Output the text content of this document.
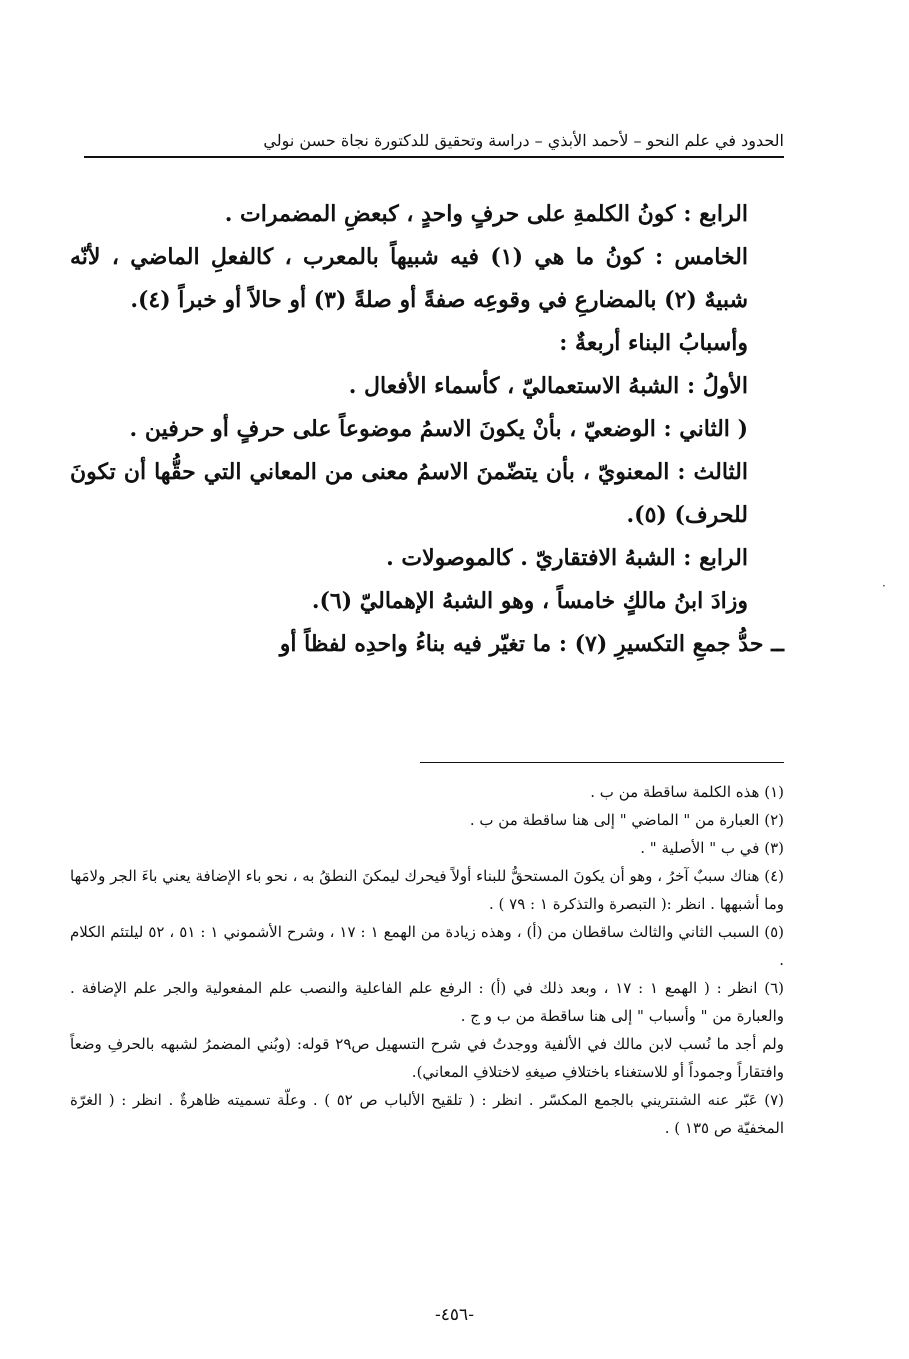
الحدود في علم النحو – لأحمد الأبذي – دراسة وتحقيق للدكتورة نجاة حسن نولي

الرابع : كونُ الكلمةِ على حرفٍ واحدٍ ، كبعضِ المضمرات .

الخامس : كونُ ما هي (١) فيه شبيهاً بالمعرب ، كالفعلِ الماضي ، لأنّه شبيهٌ (٢) بالمضارعِ في وقوعِه صفةً أو صلةً (٣) أو حالاً أو خبراً (٤).

وأسبابُ البناء أربعةٌ :

الأولُ : الشبهُ الاستعماليّ ، كأسماء الأفعال .

( الثاني : الوضعيّ ، بأنْ يكونَ الاسمُ موضوعاً على حرفٍ أو حرفين .

الثالث : المعنويّ ، بأن يتضّمنَ الاسمُ معنى من المعاني التي حقُّها أن تكونَ للحرف) (٥).

الرابع : الشبهُ الافتقاريّ . كالموصولات .

وزادَ ابنُ مالكٍ خامساً ، وهو الشبهُ الإهماليّ (٦).

ــ حدُّ جمعِ التكسيرِ (٧) : ما تغيّر فيه بناءُ واحدِه لفظاً أو

(١) هذه الكلمة ساقطة من ب .

(٢) العبارة من " الماضي " إلى هنا ساقطة من ب .

(٣) في ب " الأصلية " .

(٤) هناك سببٌ آخرُ ، وهو أن يكونَ المستحقُّ للبناء أولاً فيحرك ليمكنَ النطقُ به ، نحو باء الإضافة يعني باءَ الجر ولامَها وما أشبهها . انظر :( التبصرة والتذكرة ١ : ٧٩ ) .

(٥) السبب الثاني والثالث ساقطان من (أ) ، وهذه زيادة من الهمع ١ : ١٧ ، وشرح الأشموني ١ : ٥١ ، ٥٢ ليلتئم الكلام .

(٦) انظر : ( الهمع ١ : ١٧ ، وبعد ذلك في (أ) : الرفع علم الفاعلية والنصب علم المفعولية والجر علم الإضافة . والعبارة من " وأسباب " إلى هنا ساقطة من ب و ج .

ولم أجد ما نُسب لابن مالك في الألفية ووجدتُ في شرح التسهيل ص٢٩ قوله: (وبُني المضمرُ لشبهه بالحرفِ وضعاً وافتقاراً وجموداً أو للاستغناء باختلافِ صيغهِ لاختلافِ المعاني).

(٧) عَبّر عنه الشنتريني بالجمع المكسّر . انظر : ( تلقيح الألباب ص ٥٢ ) . وعلّة تسميته ظاهرةٌ . انظر : ( الغرّة المخفيّة ص ١٣٥ ) .

-٤٥٦-
·
